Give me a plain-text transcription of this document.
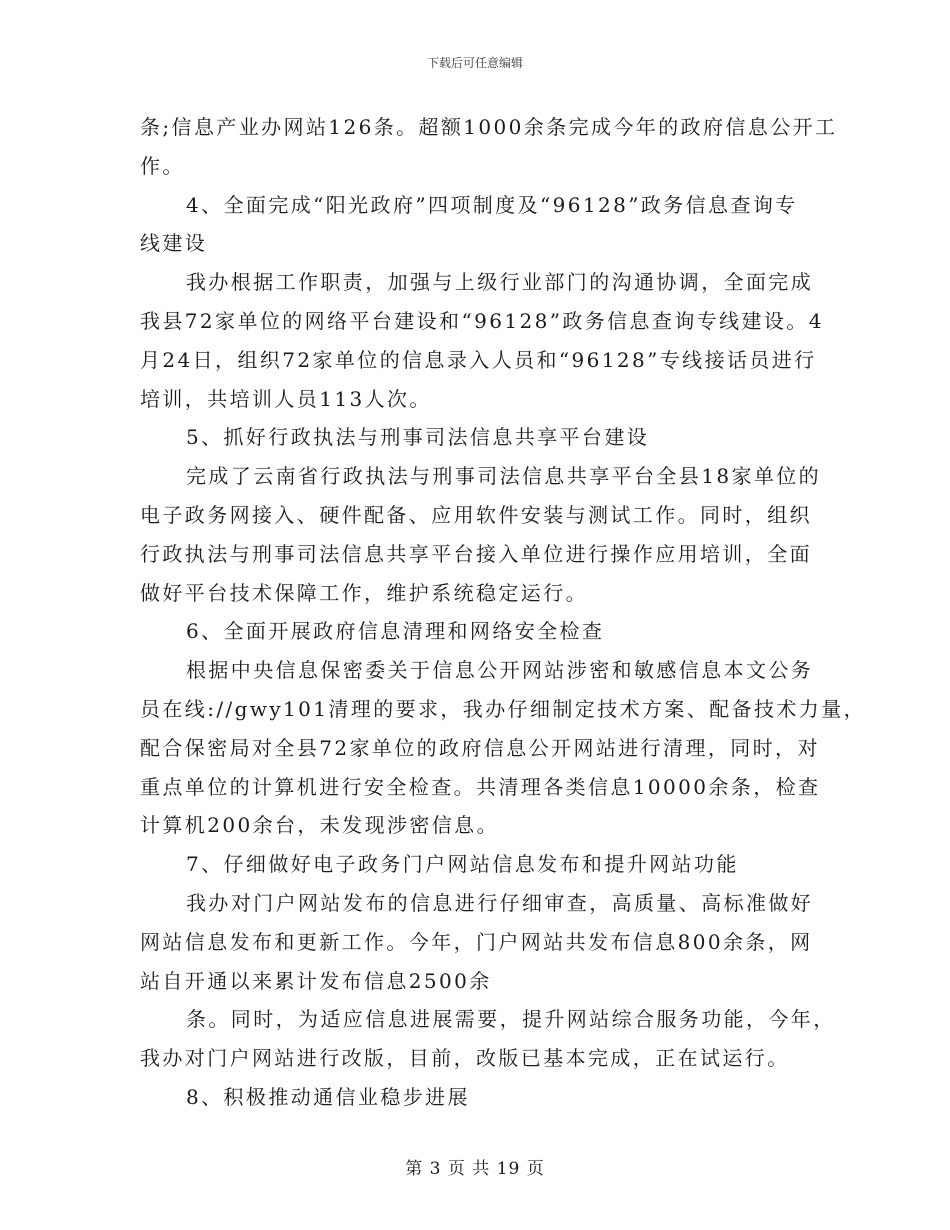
下载后可任意编辑
条;信息产业办网站126条。超额1000余条完成今年的政府信息公开工
作。
4、全面完成“阳光政府”四项制度及“96128”政务信息查询专
线建设
我办根据工作职责，加强与上级行业部门的沟通协调，全面完成
我县72家单位的网络平台建设和“96128”政务信息查询专线建设。4
月24日，组织72家单位的信息录入人员和“96128”专线接话员进行
培训，共培训人员113人次。
5、抓好行政执法与刑事司法信息共享平台建设
完成了云南省行政执法与刑事司法信息共享平台全县18家单位的
电子政务网接入、硬件配备、应用软件安装与测试工作。同时，组织
行政执法与刑事司法信息共享平台接入单位进行操作应用培训，全面
做好平台技术保障工作，维护系统稳定运行。
6、全面开展政府信息清理和网络安全检查
根据中央信息保密委关于信息公开网站涉密和敏感信息本文公务
员在线://gwy101清理的要求，我办仔细制定技术方案、配备技术力量，
配合保密局对全县72家单位的政府信息公开网站进行清理，同时，对
重点单位的计算机进行安全检查。共清理各类信息10000余条，检查
计算机200余台，未发现涉密信息。
7、仔细做好电子政务门户网站信息发布和提升网站功能
我办对门户网站发布的信息进行仔细审查，高质量、高标准做好
网站信息发布和更新工作。今年，门户网站共发布信息800余条，网
站自开通以来累计发布信息2500余
条。同时，为适应信息进展需要，提升网站综合服务功能，今年，
我办对门户网站进行改版，目前，改版已基本完成，正在试运行。
8、积极推动通信业稳步进展
第 3 页 共 19 页
